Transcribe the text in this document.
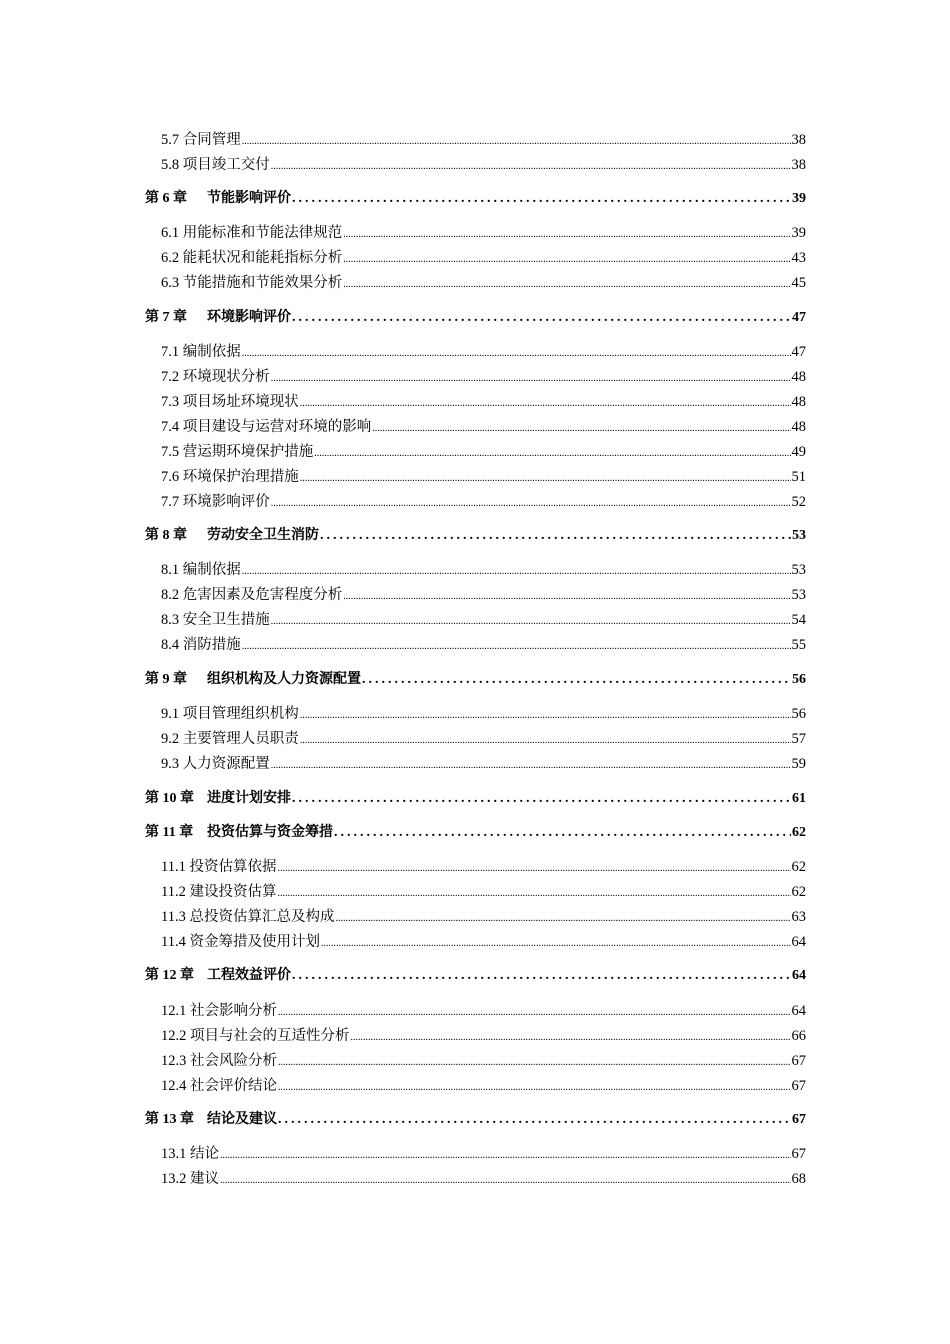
5.7 合同管理 .....	38
5.8 项目竣工交付 .....	38
第 6 章 节能影响评价 .....	39
6.1 用能标准和节能法律规范 .....	39
6.2 能耗状况和能耗指标分析 .....	43
6.3 节能措施和节能效果分析 .....	45
第 7 章 环境影响评价 .....	47
7.1 编制依据 .....	47
7.2 环境现状分析 .....	48
7.3 项目场址环境现状 .....	48
7.4 项目建设与运营对环境的影响 .....	48
7.5 营运期环境保护措施 .....	49
7.6 环境保护治理措施 .....	51
7.7 环境影响评价 .....	52
第 8 章 劳动安全卫生消防 .....	53
8.1 编制依据 .....	53
8.2 危害因素及危害程度分析 .....	53
8.3 安全卫生措施 .....	54
8.4 消防措施 .....	55
第 9 章 组织机构及人力资源配置 .....	56
9.1 项目管理组织机构 .....	56
9.2 主要管理人员职责 .....	57
9.3 人力资源配置 .....	59
第 10 章 进度计划安排 .....	61
第 11 章 投资估算与资金筹措 .....	62
11.1 投资估算依据 .....	62
11.2 建设投资估算 .....	62
11.3 总投资估算汇总及构成 .....	63
11.4 资金筹措及使用计划 .....	64
第 12 章 工程效益评价 .....	64
12.1 社会影响分析 .....	64
12.2 项目与社会的互适性分析 .....	66
12.3 社会风险分析 .....	67
12.4 社会评价结论 .....	67
第 13 章 结论及建议 .....	67
13.1 结论 .....	67
13.2 建议 .....	68
